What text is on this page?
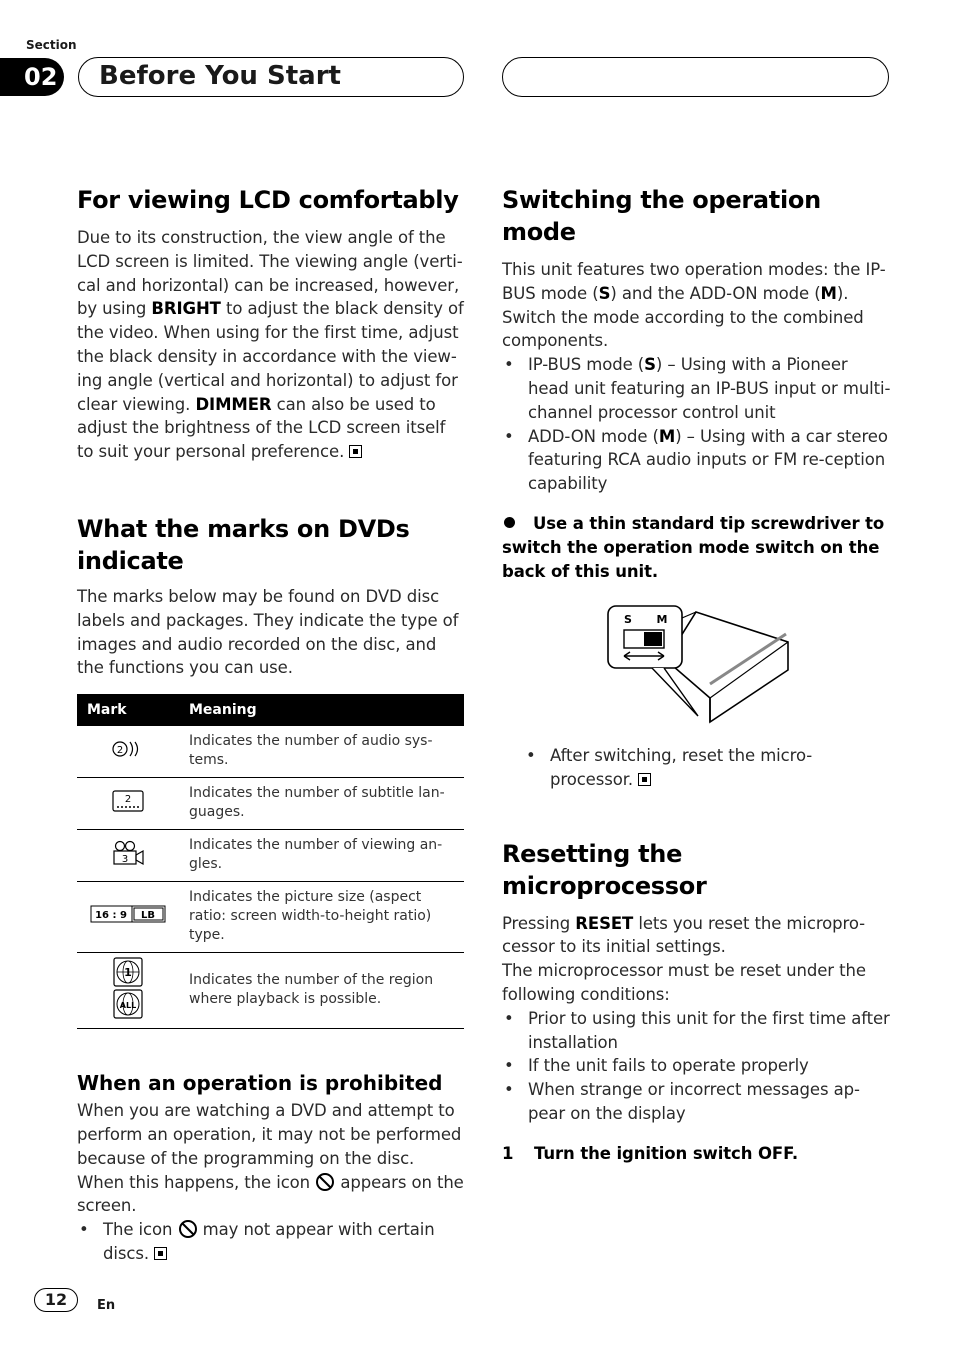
Section
02	Before You Start
For viewing LCD comfortably

Due to its construction, the view angle of the LCD screen is limited. The viewing angle (verti-cal and horizontal) can be increased, however, by using BRIGHT to adjust the black density of the video. When using for the first time, adjust the black density in accordance with the view-ing angle (vertical and horizontal) to adjust for clear viewing. DIMMER can also be used to adjust the brightness of the LCD screen itself to suit your personal preference.

What the marks on DVDs indicate

The marks below may be found on DVD disc labels and packages. They indicate the type of images and audio recorded on the disc, and the functions you can use.

Mark	Meaning

2	Indicates the number of audio sys-tems.

2	Indicates the number of subtitle lan-guages.

3	Indicates the number of viewing an-gles.

16 : 9 LB	Indicates the picture size (aspect ratio: screen width-to-height ratio) type.

1
ALL	Indicates the number of the region where playback is possible.
When an operation is prohibited

When you are watching a DVD and attempt to perform an operation, it may not be performed because of the programming on the disc. When this happens, the icon  appears on the screen.

• The icon  may not appear with certain discs.
Switching the operation mode

This unit features two operation modes: the IP-BUS mode (S) and the ADD-ON mode (M). Switch the mode according to the combined components.

• IP-BUS mode (S) – Using with a Pioneer head unit featuring an IP-BUS input or multi-channel processor control unit
• ADD-ON mode (M) – Using with a car stereo featuring RCA audio inputs or FM re-ception capability

Use a thin standard tip screwdriver to switch the operation mode switch on the back of this unit.

S M
• After switching, reset the micro-processor.
Resetting the microprocessor

Pressing RESET lets you reset the micropro-cessor to its initial settings.

The microprocessor must be reset under the following conditions:

• Prior to using this unit for the first time after installation
• If the unit fails to operate properly
• When strange or incorrect messages ap-pear on the display

1 Turn the ignition switch OFF.

12	En
